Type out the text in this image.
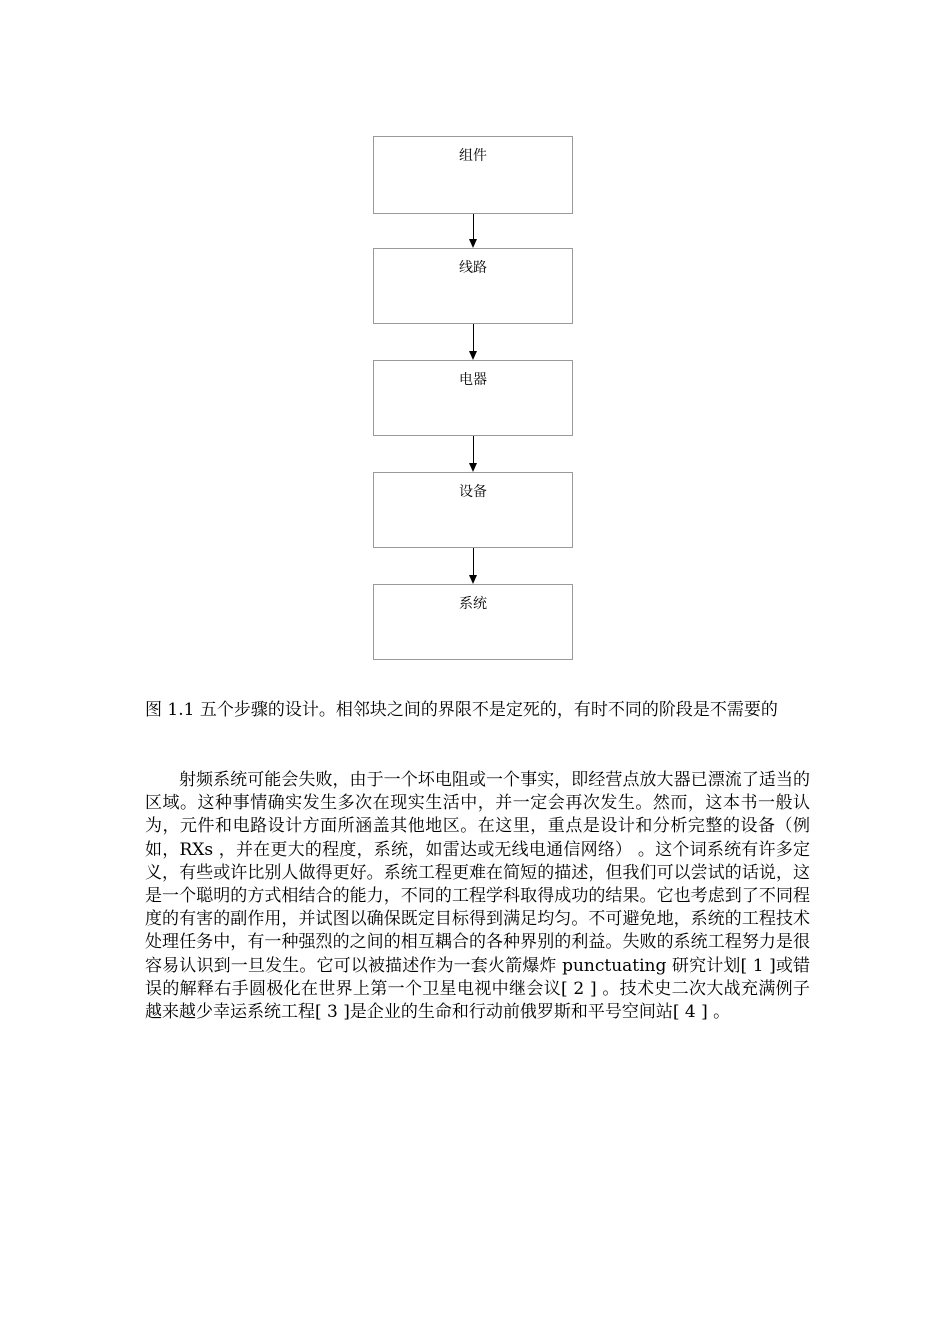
组件
线路
电器
设备
系统

图 1.1 五个步骤的设计。相邻块之间的界限不是定死的，有时不同的阶段是不需要的

射频系统可能会失败，由于一个坏电阻或一个事实，即经营点放大器已漂流了适当的区域。这种事情确实发生多次在现实生活中，并一定会再次发生。然而，这本书一般认为，元件和电路设计方面所涵盖其他地区。在这里，重点是设计和分析完整的设备（例如，RXs ，并在更大的程度，系统，如雷达或无线电通信网络） 。这个词系统有许多定义，有些或许比别人做得更好。系统工程更难在简短的描述，但我们可以尝试的话说，这是一个聪明的方式相结合的能力，不同的工程学科取得成功的结果。它也考虑到了不同程度的有害的副作用，并试图以确保既定目标得到满足均匀。不可避免地，系统的工程技术处理任务中，有一种强烈的之间的相互耦合的各种界别的利益。失败的系统工程努力是很容易认识到一旦发生。它可以被描述作为一套火箭爆炸 punctuating 研究计划[ 1 ]或错误的解释右手圆极化在世界上第一个卫星电视中继会议[ 2 ] 。技术史二次大战充满例子越来越少幸运系统工程[ 3 ]是企业的生命和行动前俄罗斯和平号空间站[ 4 ] 。
